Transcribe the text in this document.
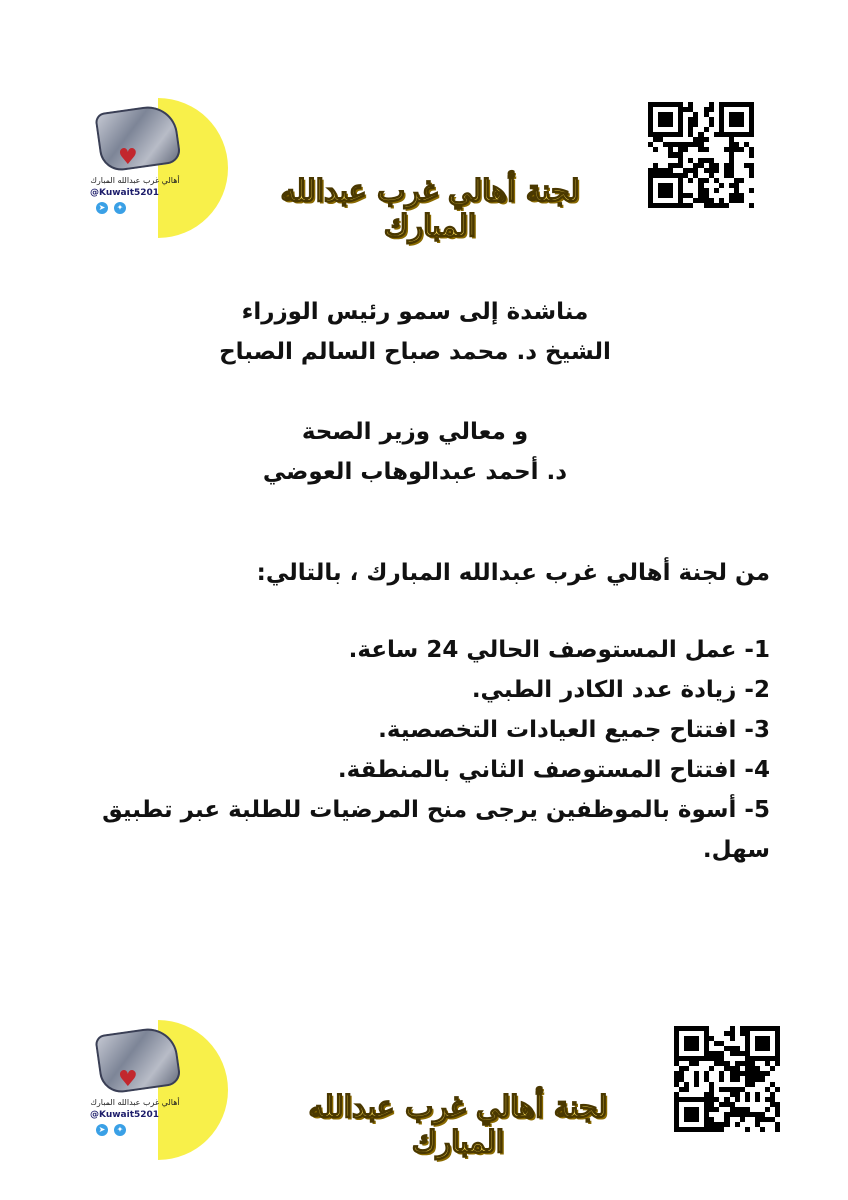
♥
أهالي غرب عبدالله المبارك
@Kuwait5201
➤	✦	لجنة أهالي غرب عبدالله المبارك

مناشدة إلى سمو رئيس الوزراء

الشيخ د. محمد صباح السالم الصباح

و معالي وزير الصحة

د. أحمد عبدالوهاب العوضي

من لجنة أهالي غرب عبدالله المبارك ، بالتالي:

1- عمل المستوصف الحالي 24 ساعة.

2- زيادة عدد الكادر الطبي.

3- افتتاح جميع العيادات التخصصية.

4- افتتاح المستوصف الثاني بالمنطقة.

5- أسوة بالموظفين يرجى منح المرضيات للطلبة عبر تطبيق سهل.

♥
أهالي غرب عبدالله المبارك
@Kuwait5201
➤	✦
لجنة أهالي غرب عبدالله المبارك
